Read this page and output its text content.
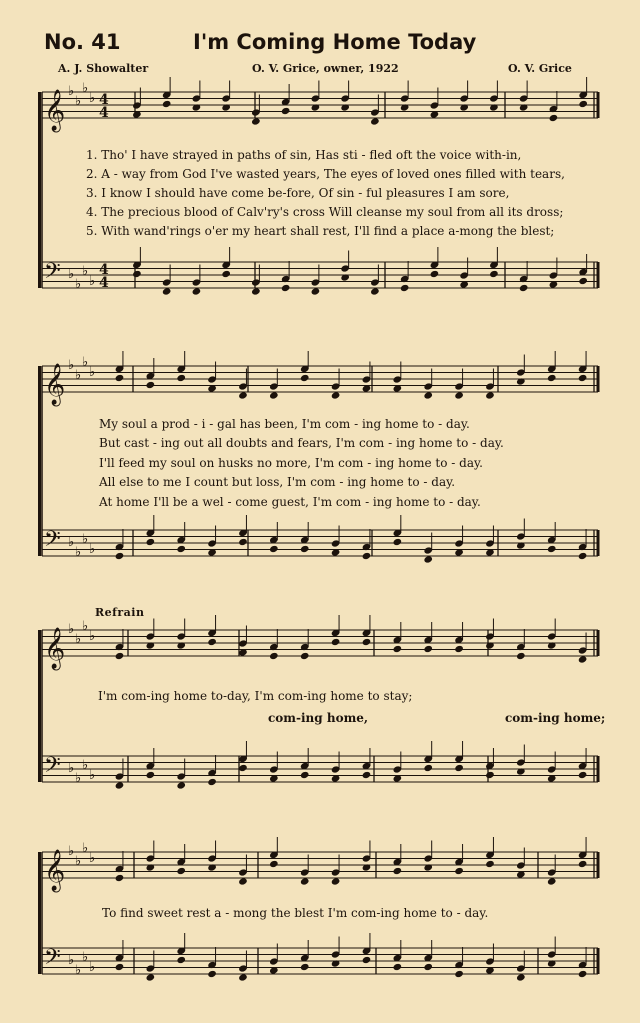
No. 41	I'm Coming Home Today
A. J. Showalter	O. V. Grice, owner, 1922	O. V. Grice
𝄞 ♭
♭
♭
♭ 4
4
𝄢 ♭
♭
♭
♭
4
4
𝄞 ♭
♭
♭
♭
𝄢 ♭
♭
♭
♭
𝄞 ♭
♭
♭
♭
𝄢 ♭
♭
♭
♭
𝄞 ♭
♭
♭
♭
𝄢 ♭
♭
♭
♭
1. Tho' I have strayed in paths of sin, Has sti - fled oft the voice with-in,
2. A - way from God I've wasted years, The eyes of loved ones filled with tears,
3. I know I should have come be-fore, Of sin - ful pleasures I am sore,
4. The precious blood of Calv'ry's cross Will cleanse my soul from all its dross;
5. With wand'rings o'er my heart shall rest, I'll find a place a-mong the blest;
My soul a prod - i - gal has been, I'm com - ing home to - day.
But cast - ing out all doubts and fears, I'm com - ing home to - day.
I'll feed my soul on husks no more, I'm com - ing home to - day.
All else to me I count but loss, I'm com - ing home to - day.
At home I'll be a wel - come guest, I'm com - ing home to - day.
Refrain
I'm com-ing home to-day, I'm com-ing home to stay;
com-ing home,	com-ing home;
To find sweet rest a - mong the blest I'm com-ing home to - day.
